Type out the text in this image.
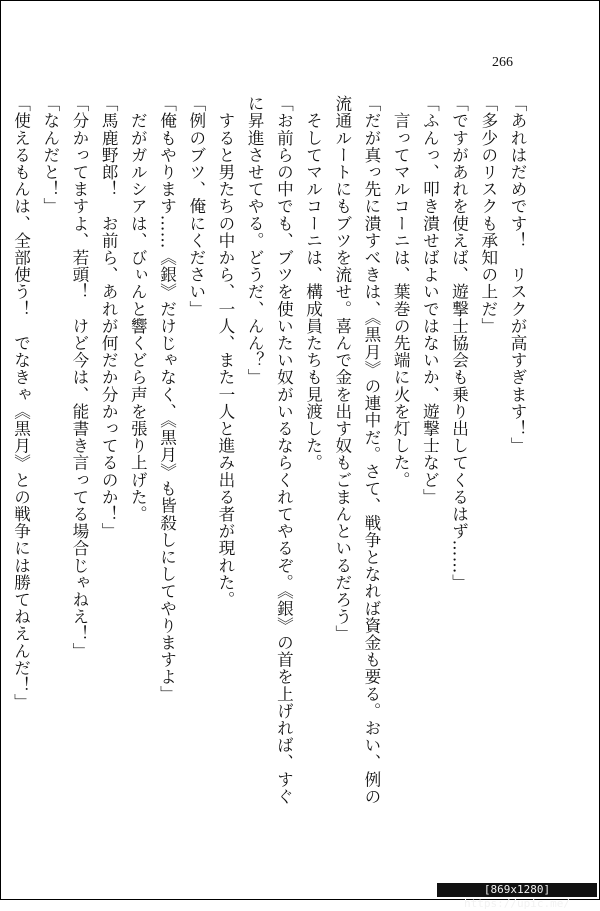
266
「あれはだめです！　リスクが高すぎます！」
「多少のリスクも承知の上だ」
「ですがあれを使えば、遊撃士協会も乗り出してくるはず……」
「ふんっ、叩き潰せばよいではないか、遊撃士など」
　言ってマルコーニは、葉巻の先端に火を灯した。
「だが真っ先に潰すべきは、《黒月》の連中だ。さて、戦争となれば資金も要る。おい、例の
流通ルートにもブツを流せ。喜んで金を出す奴もごまんといるだろう」
　そしてマルコーニは、構成員たちも見渡した。
「お前らの中でも、ブツを使いたい奴がいるならくれてやるぞ。《銀》の首を上げれば、すぐ
に昇進させてやる。どうだ、んん？」
　すると男たちの中から、一人、また一人と進み出る者が現れた。
「例のブツ、俺にください」
「俺もやります……《銀》だけじゃなく、《黒月》も皆殺しにしてやりますよ」
　だがガルシアは、びぃんと響くどら声を張り上げた。
「馬鹿野郎！　お前ら、あれが何だか分かってるのか！」
「分かってますよ、若頭！　けど今は、能書き言ってる場合じゃねえ！」
「なんだと！」
「使えるもんは、全部使う！　でなきゃ《黒月》との戦争には勝てねえんだ！」
[869x1280] https://upic.me/
